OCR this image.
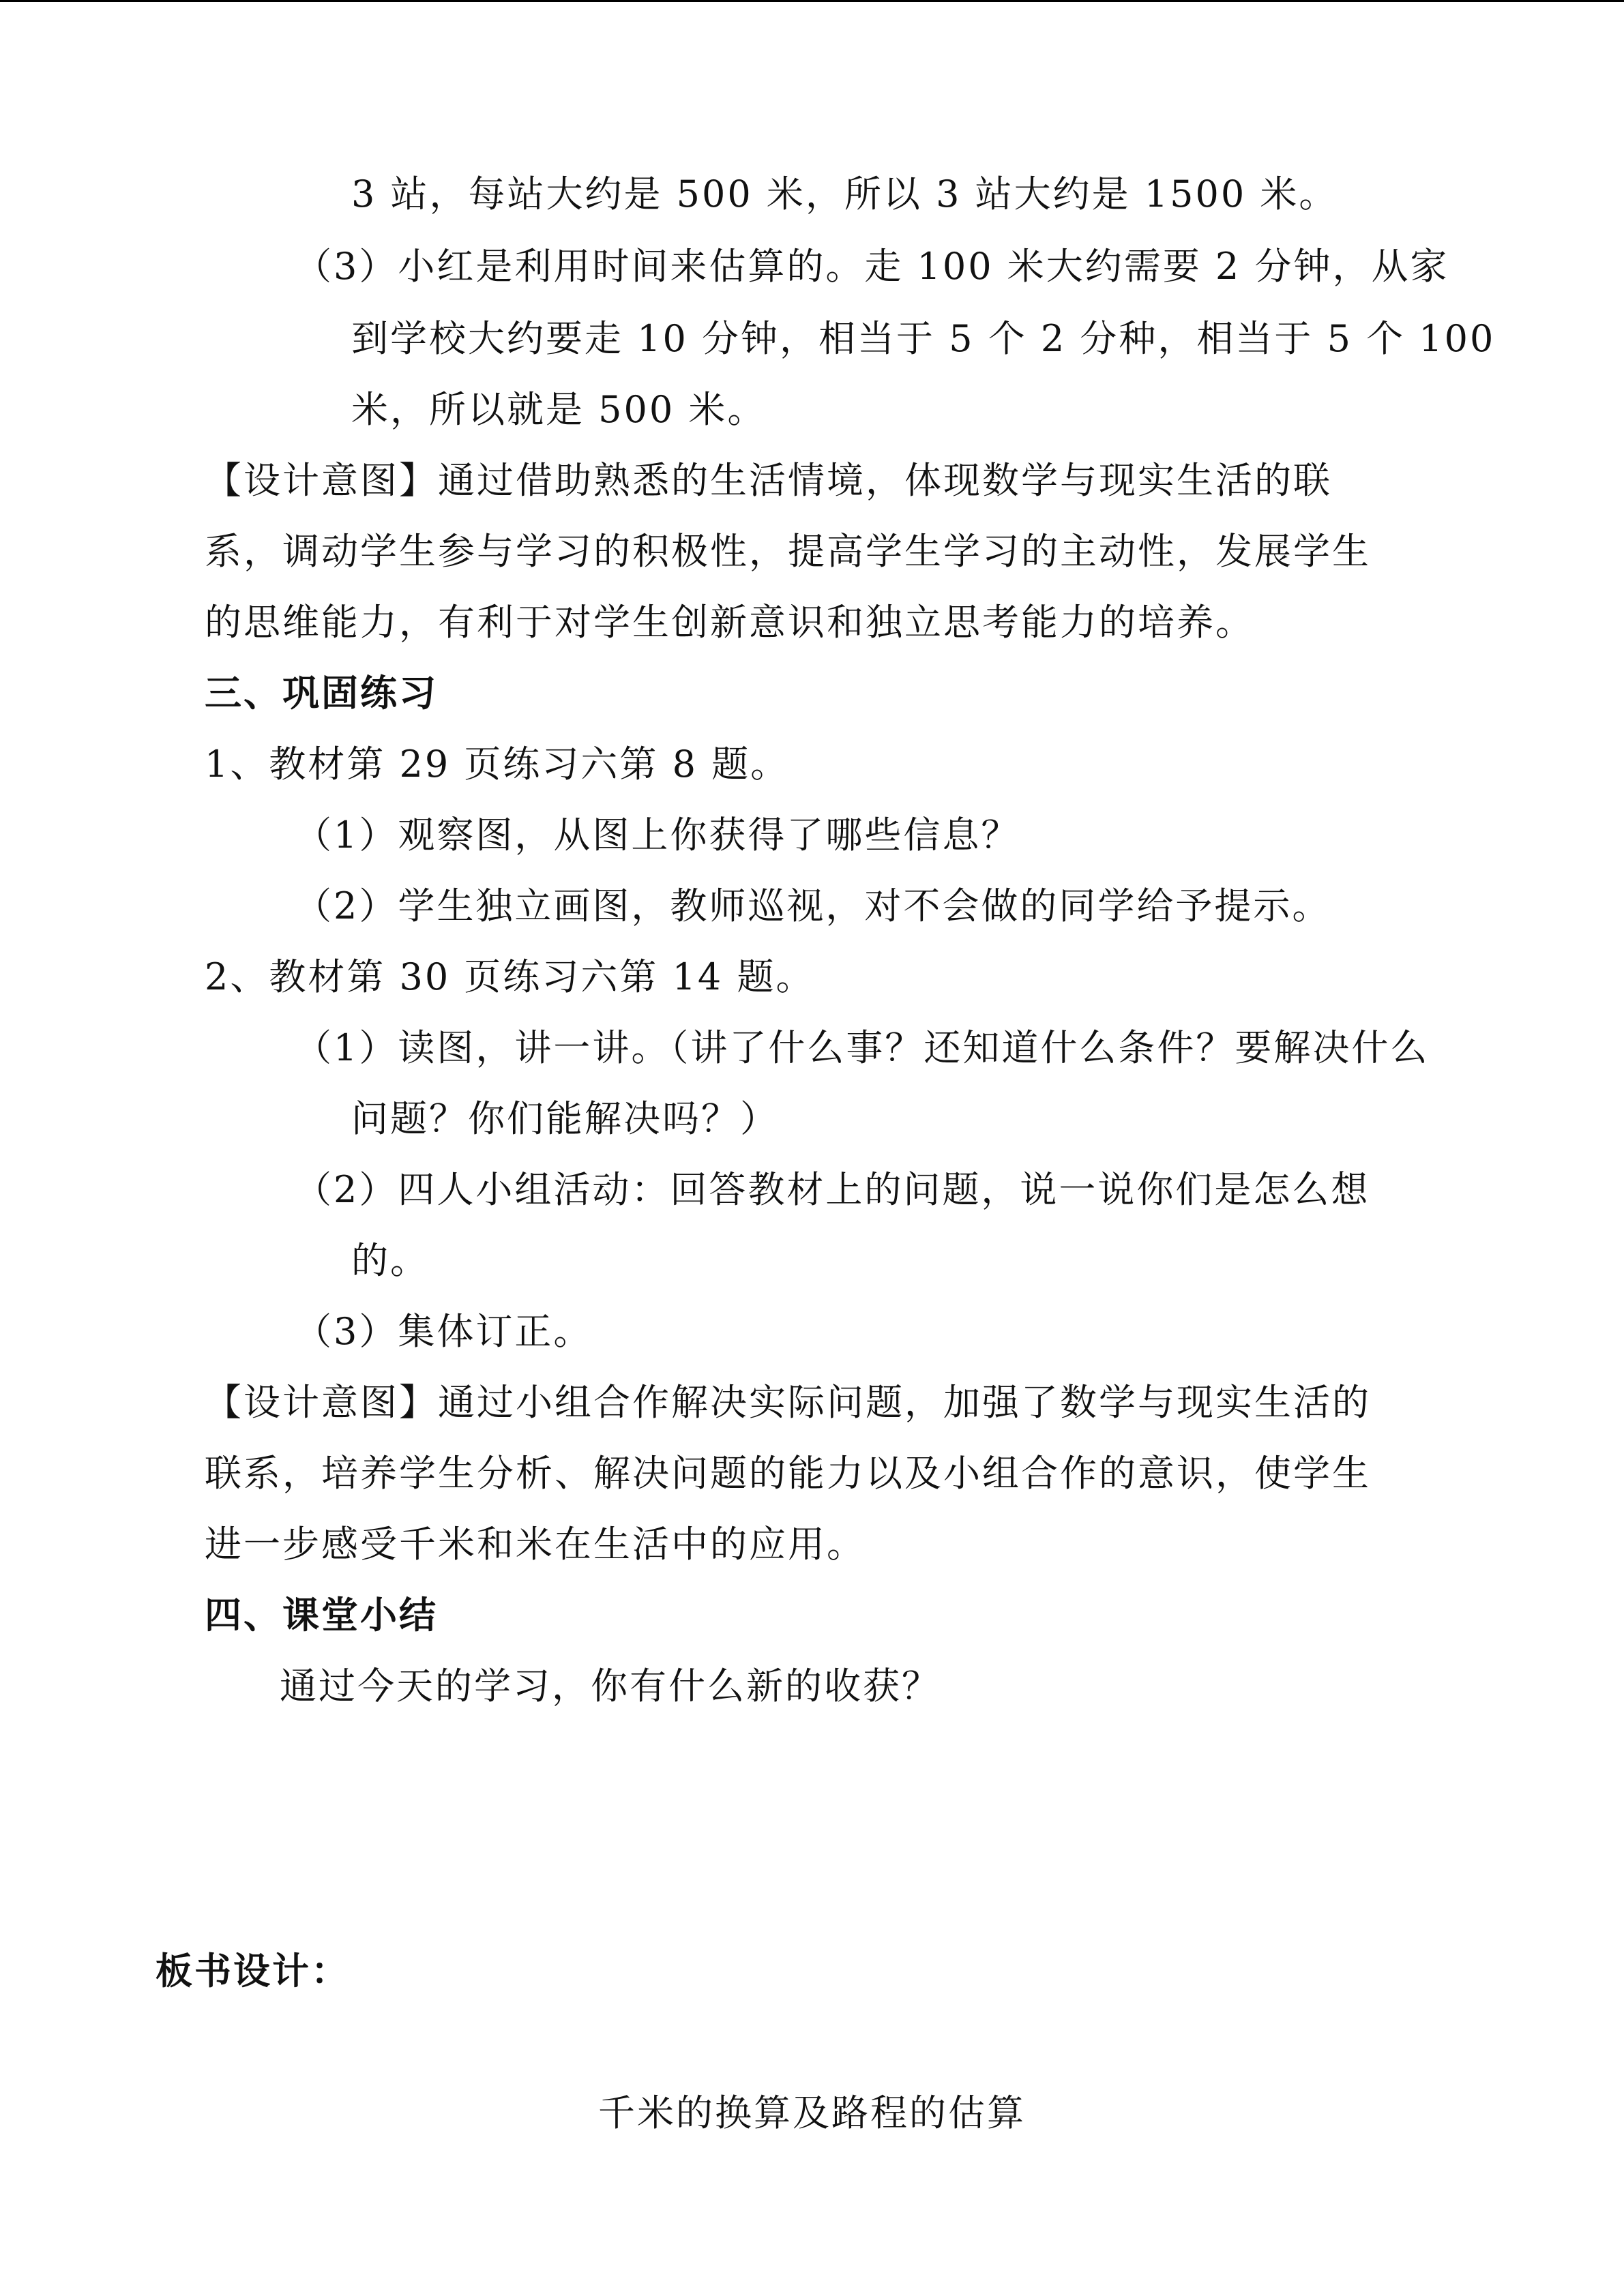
3 站，每站大约是 500 米，所以 3 站大约是 1500 米。
（3）小红是利用时间来估算的。走 100 米大约需要 2 分钟，从家
到学校大约要走 10 分钟，相当于 5 个 2 分种，相当于 5 个 100
米，所以就是 500 米。
【设计意图】通过借助熟悉的生活情境，体现数学与现实生活的联
系，调动学生参与学习的积极性，提高学生学习的主动性，发展学生
的思维能力，有利于对学生创新意识和独立思考能力的培养。
三、巩固练习
1、教材第 29 页练习六第 8 题。
（1）观察图，从图上你获得了哪些信息？
（2）学生独立画图，教师巡视，对不会做的同学给予提示。
2、教材第 30 页练习六第 14 题。
（1）读图，讲一讲。（讲了什么事？还知道什么条件？要解决什么
问题？你们能解决吗？）
（2）四人小组活动：回答教材上的问题，说一说你们是怎么想
的。
（3）集体订正。
【设计意图】通过小组合作解决实际问题，加强了数学与现实生活的
联系，培养学生分析、解决问题的能力以及小组合作的意识，使学生
进一步感受千米和米在生活中的应用。
四、课堂小结
通过今天的学习，你有什么新的收获？
板书设计：
千米的换算及路程的估算
